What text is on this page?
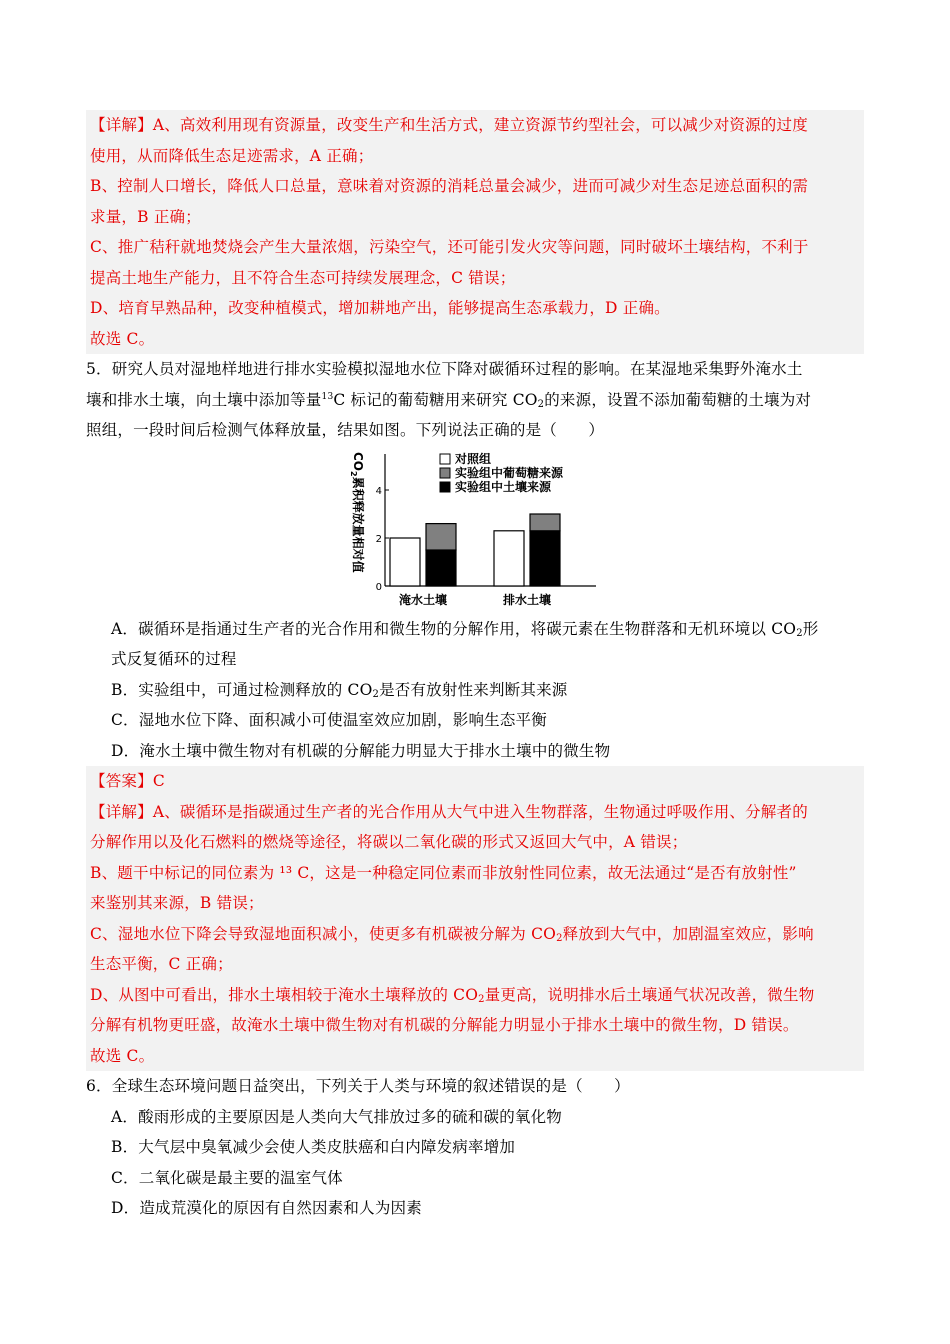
【详解】A、高效利用现有资源量，改变生产和生活方式，建立资源节约型社会，可以减少对资源的过度

使用，从而降低生态足迹需求，A 正确；

B、控制人口增长，降低人口总量，意味着对资源的消耗总量会减少，进而可减少对生态足迹总面积的需

求量，B 正确；

C、推广秸秆就地焚烧会产生大量浓烟，污染空气，还可能引发火灾等问题，同时破坏土壤结构，不利于

提高土地生产能力，且不符合生态可持续发展理念，C 错误；

D、培育早熟品种，改变种植模式，增加耕地产出，能够提高生态承载力，D 正确。

故选 C。

5．研究人员对湿地样地进行排水实验模拟湿地水位下降对碳循环过程的影响。在某湿地采集野外淹水土

壤和排水土壤，向土壤中添加等量$^{13}$C 标记的葡萄糖用来研究 $CO_2$的来源，设置不添加葡萄糖的土壤为对

照组，一段时间后检测气体释放量，结果如图。下列说法正确的是（　　）

$CO_2$累积释放量相对值
0
2
4
淹水土壤	排水土壤
对照组
实验组中葡萄糖来源
实验组中土壤来源

A．碳循环是指通过生产者的光合作用和微生物的分解作用，将碳元素在生物群落和无机环境以 $CO_2$形

式反复循环的过程

B．实验组中，可通过检测释放的 $CO_2$是否有放射性来判断其来源

C．湿地水位下降、面积减小可使温室效应加剧，影响生态平衡

D．淹水土壤中微生物对有机碳的分解能力明显大于排水土壤中的微生物

【答案】C

【详解】A、碳循环是指碳通过生产者的光合作用从大气中进入生物群落，生物通过呼吸作用、分解者的

分解作用以及化石燃料的燃烧等途径，将碳以二氧化碳的形式又返回大气中，A 错误；

B、题干中标记的同位素为 ¹³ C，这是一种稳定同位素而非放射性同位素，故无法通过“是否有放射性”

来鉴别其来源，B 错误；

C、湿地水位下降会导致湿地面积减小，使更多有机碳被分解为 $CO_2$释放到大气中，加剧温室效应，影响

生态平衡，C 正确；

D、从图中可看出，排水土壤相较于淹水土壤释放的 $CO_2$量更高，说明排水后土壤通气状况改善，微生物

分解有机物更旺盛，故淹水土壤中微生物对有机碳的分解能力明显小于排水土壤中的微生物，D 错误。

故选 C。

6．全球生态环境问题日益突出，下列关于人类与环境的叙述错误的是（　　）

A．酸雨形成的主要原因是人类向大气排放过多的硫和碳的氧化物

B．大气层中臭氧减少会使人类皮肤癌和白内障发病率增加

C．二氧化碳是最主要的温室气体

D．造成荒漠化的原因有自然因素和人为因素
